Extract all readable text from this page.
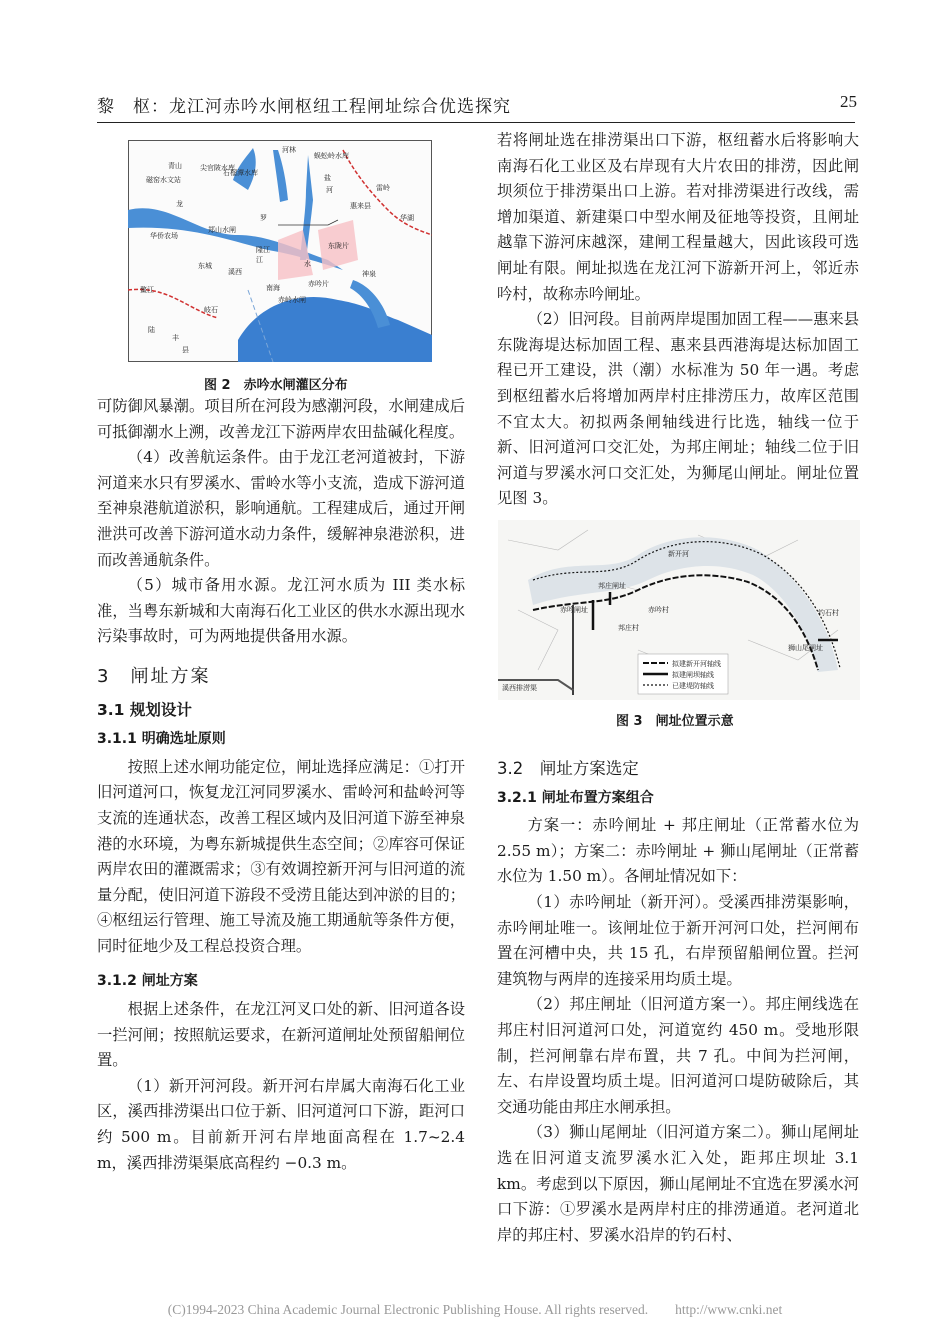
黎　枢：龙江河赤吟水闸枢纽工程闸址综合优选探究	25
青山	尖官陂水库
石榴潭水库
蜈蚣岭水库
河林
磁窑水文站
龙
郑山水闸
华侨农场
罗
东城
隆江
溪西
南海
赤岭水闸
赤吟片
东陇片
惠来县
雷岭
华湖
神泉
鳌江
岐石
陆
丰
县
盐
河
江	水
图 2　赤吟水闸灌区分布

可防御风暴潮。项目所在河段为感潮河段，水闸建成后可抵御潮水上溯，改善龙江下游两岸农田盐碱化程度。

（4）改善航运条件。由于龙江老河道被封，下游河道来水只有罗溪水、雷岭水等小支流，造成下游河道至神泉港航道淤积，影响通航。工程建成后，通过开闸泄洪可改善下游河道水动力条件，缓解神泉港淤积，进而改善通航条件。

（5）城市备用水源。龙江河水质为 III 类水标准，当粤东新城和大南海石化工业区的供水水源出现水污染事故时，可为两地提供备用水源。

3　闸址方案

3.1 规划设计

3.1.1 明确选址原则

按照上述水闸功能定位，闸址选择应满足：①打开旧河道河口，恢复龙江河同罗溪水、雷岭河和盐岭河等支流的连通状态，改善工程区域内及旧河道下游至神泉港的水环境，为粤东新城提供生态空间；②库容可保证两岸农田的灌溉需求；③有效调控新开河与旧河道的流量分配，使旧河道下游段不受涝且能达到冲淤的目的；④枢纽运行管理、施工导流及施工期通航等条件方便，同时征地少及工程总投资合理。

3.1.2 闸址方案

根据上述条件，在龙江河叉口处的新、旧河道各设一拦河闸；按照航运要求，在新河道闸址处预留船闸位置。

（1）新开河河段。新开河右岸属大南海石化工业区，溪西排涝渠出口位于新、旧河道河口下游，距河口约 500 m。目前新开河右岸地面高程在 1.7~2.4 m，溪西排涝渠渠底高程约 −0.3 m。

若将闸址选在排涝渠出口下游，枢纽蓄水后将影响大南海石化工业区及右岸现有大片农田的排涝，因此闸坝须位于排涝渠出口上游。若对排涝渠进行改线，需增加渠道、新建渠口中型水闸及征地等投资，且闸址越靠下游河床越深，建闸工程量越大，因此该段可选闸址有限。闸址拟选在龙江河下游新开河上，邻近赤吟村，故称赤吟闸址。

（2）旧河段。目前两岸堤围加固工程——惠来县东陇海堤达标加固工程、惠来县西港海堤达标加固工程已开工建设，洪（潮）水标准为 50 年一遇。考虑到枢纽蓄水后将增加两岸村庄排涝压力，故库区范围不宜太大。初拟两条闸轴线进行比选，轴线一位于新、旧河道河口交汇处，为邦庄闸址；轴线二位于旧河道与罗溪水河口交汇处，为狮尾山闸址。闸址位置见图 3。

新开河
邦庄闸址
狮山尾闸址
赤吟闸址
溪西排涝渠
钓石村
赤吟村
邦庄村
拟建新开河轴线
拟建闸坝轴线
已建堤防轴线
图 3　闸址位置示意

3.2　闸址方案选定

3.2.1 闸址布置方案组合

方案一：赤吟闸址 + 邦庄闸址（正常蓄水位为 2.55 m）；方案二：赤吟闸址 + 狮山尾闸址（正常蓄水位为 1.50 m）。各闸址情况如下：

（1）赤吟闸址（新开河）。受溪西排涝渠影响，赤吟闸址唯一。该闸址位于新开河河口处，拦河闸布置在河槽中央，共 15 孔，右岸预留船闸位置。拦河建筑物与两岸的连接采用均质土堤。

（2）邦庄闸址（旧河道方案一）。邦庄闸线选在邦庄村旧河道河口处，河道宽约 450 m。受地形限制，拦河闸靠右岸布置，共 7 孔。中间为拦河闸，左、右岸设置均质土堤。旧河道河口堤防破除后，其交通功能由邦庄水闸承担。

（3）狮山尾闸址（旧河道方案二）。狮山尾闸址选在旧河道支流罗溪水汇入处，距邦庄坝址 3.1 km。考虑到以下原因，狮山尾闸址不宜选在罗溪水河口下游：①罗溪水是两岸村庄的排涝通道。老河道北岸的邦庄村、罗溪水沿岸的钓石村、

(C)1994-2023 China Academic Journal Electronic Publishing House. All rights reserved.　　http://www.cnki.net
